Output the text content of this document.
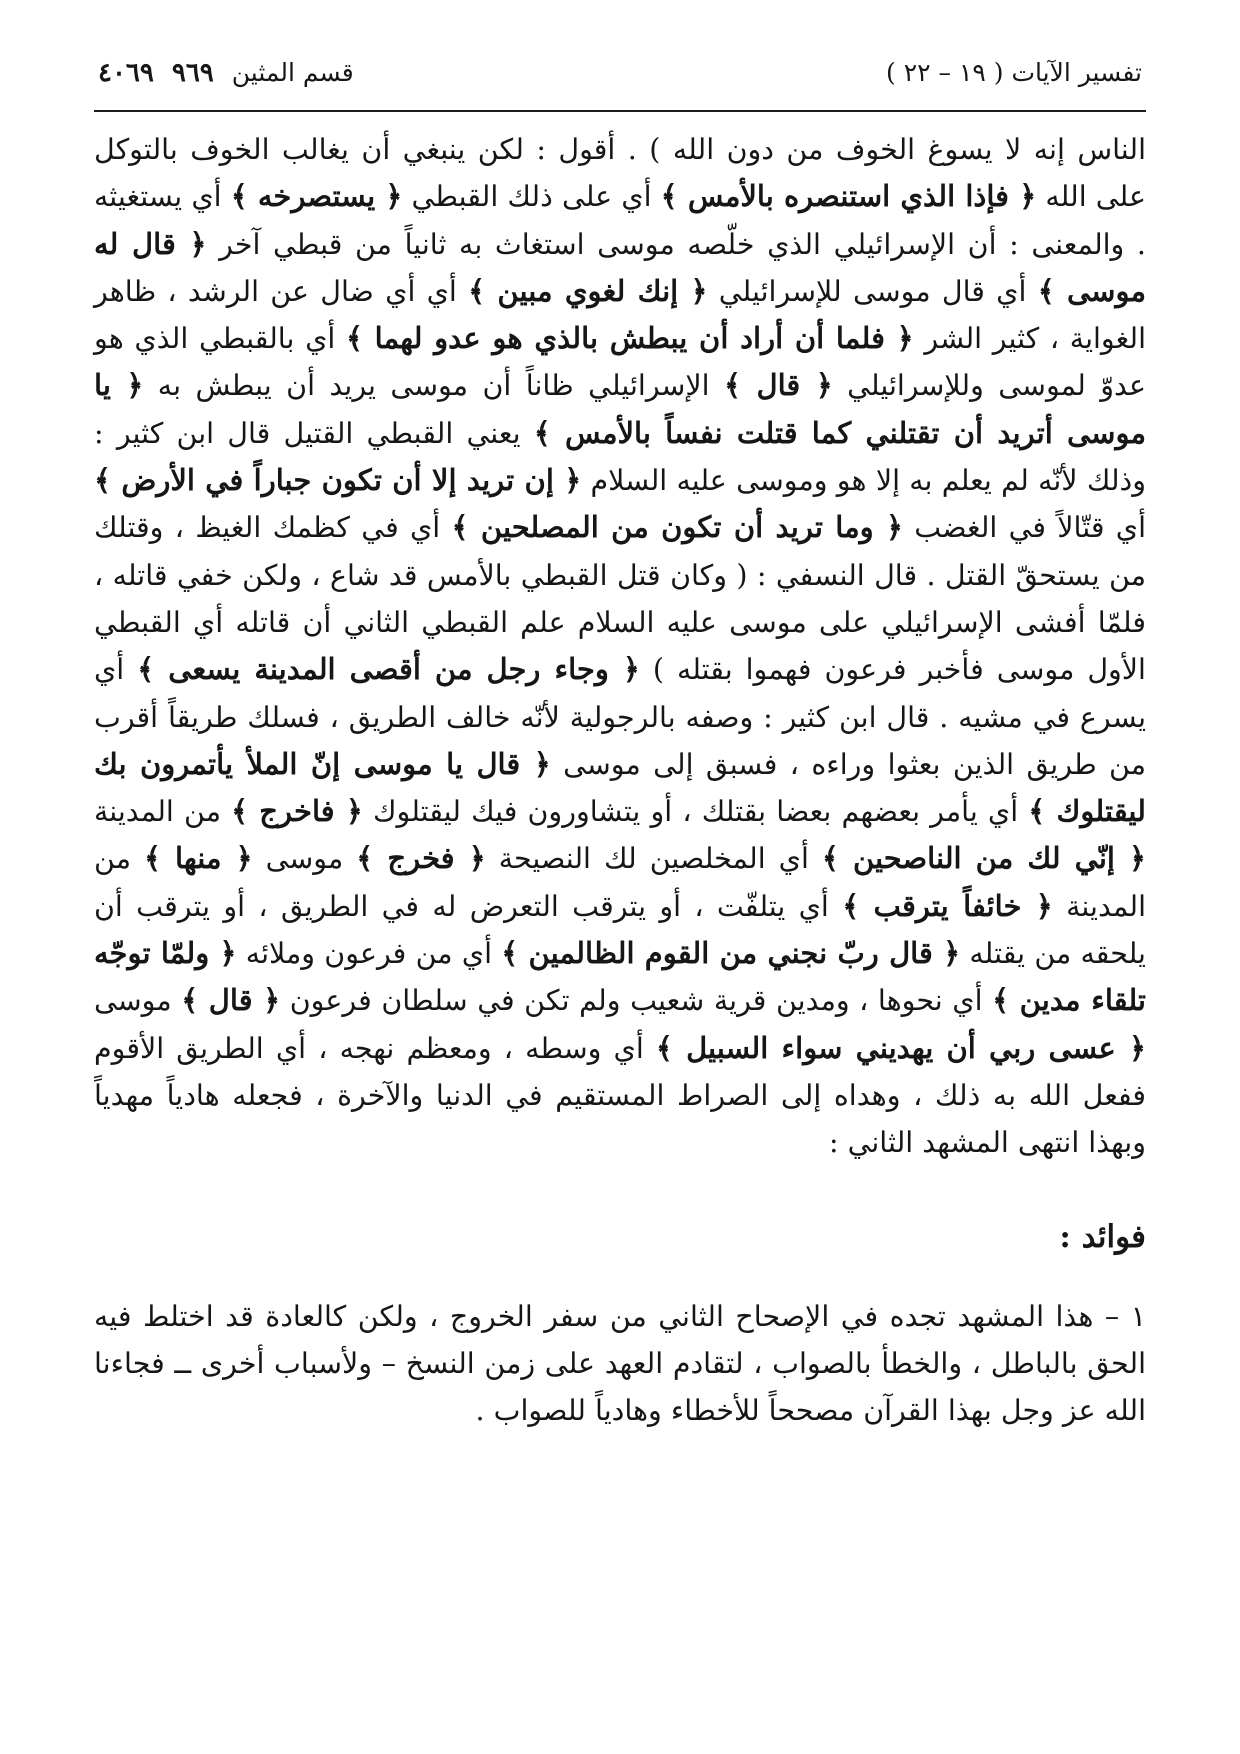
تفسير الآيات ( ١٩ – ٢٢ )
قسم المثين
٩٦٩
٤٠٦٩

الناس إنه لا يسوغ الخوف من دون الله ) . أقول : لكن ينبغي أن يغالب الخوف بالتوكل على الله ﴿ فإذا الذي استنصره بالأمس ﴾ أي على ذلك القبطي ﴿ يستصرخه ﴾ أي يستغيثه . والمعنى : أن الإسرائيلي الذي خلّصه موسى استغاث به ثانياً من قبطي آخر ﴿ قال له موسى ﴾ أي قال موسى للإسرائيلي ﴿ إنك لغوي مبين ﴾ أي أي ضال عن الرشد ، ظاهر الغواية ، كثير الشر ﴿ فلما أن أراد أن يبطش بالذي هو عدو لهما ﴾ أي بالقبطي الذي هو عدوّ لموسى وللإسرائيلي ﴿ قال ﴾ الإسرائيلي ظاناً أن موسى يريد أن يبطش به ﴿ يا موسى أتريد أن تقتلني كما قتلت نفساً بالأمس ﴾ يعني القبطي القتيل قال ابن كثير : وذلك لأنّه لم يعلم به إلا هو وموسى عليه السلام ﴿ إن تريد إلا أن تكون جباراً في الأرض ﴾ أي قتّالاً في الغضب ﴿ وما تريد أن تكون من المصلحين ﴾ أي في كظمك الغيظ ، وقتلك من يستحقّ القتل . قال النسفي : ( وكان قتل القبطي بالأمس قد شاع ، ولكن خفي قاتله ، فلمّا أفشى الإسرائيلي على موسى عليه السلام علم القبطي الثاني أن قاتله أي القبطي الأول موسى فأخبر فرعون فهموا بقتله ) ﴿ وجاء رجل من أقصى المدينة يسعى ﴾ أي يسرع في مشيه . قال ابن كثير : وصفه بالرجولية لأنّه خالف الطريق ، فسلك طريقاً أقرب من طريق الذين بعثوا وراءه ، فسبق إلى موسى ﴿ قال يا موسى إنّ الملأ يأتمرون بك ليقتلوك ﴾ أي يأمر بعضهم بعضا بقتلك ، أو يتشاورون فيك ليقتلوك ﴿ فاخرج ﴾ من المدينة ﴿ إنّي لك من الناصحين ﴾ أي المخلصين لك النصيحة ﴿ فخرج ﴾ موسى ﴿ منها ﴾ من المدينة ﴿ خائفاً يترقب ﴾ أي يتلفّت ، أو يترقب التعرض له في الطريق ، أو يترقب أن يلحقه من يقتله ﴿ قال ربّ نجني من القوم الظالمين ﴾ أي من فرعون وملائه ﴿ ولمّا توجّه تلقاء مدين ﴾ أي نحوها ، ومدين قرية شعيب ولم تكن في سلطان فرعون ﴿ قال ﴾ موسى ﴿ عسى ربي أن يهديني سواء السبيل ﴾ أي وسطه ، ومعظم نهجه ، أي الطريق الأقوم ففعل الله به ذلك ، وهداه إلى الصراط المستقيم في الدنيا والآخرة ، فجعله هادياً مهدياً وبهذا انتهى المشهد الثاني :

فوائد :

١ – هذا المشهد تجده في الإصحاح الثاني من سفر الخروج ، ولكن كالعادة قد اختلط فيه الحق بالباطل ، والخطأ بالصواب ، لتقادم العهد على زمن النسخ – ولأسباب أخرى ــ فجاءنا الله عز وجل بهذا القرآن مصححاً للأخطاء وهادياً للصواب .
